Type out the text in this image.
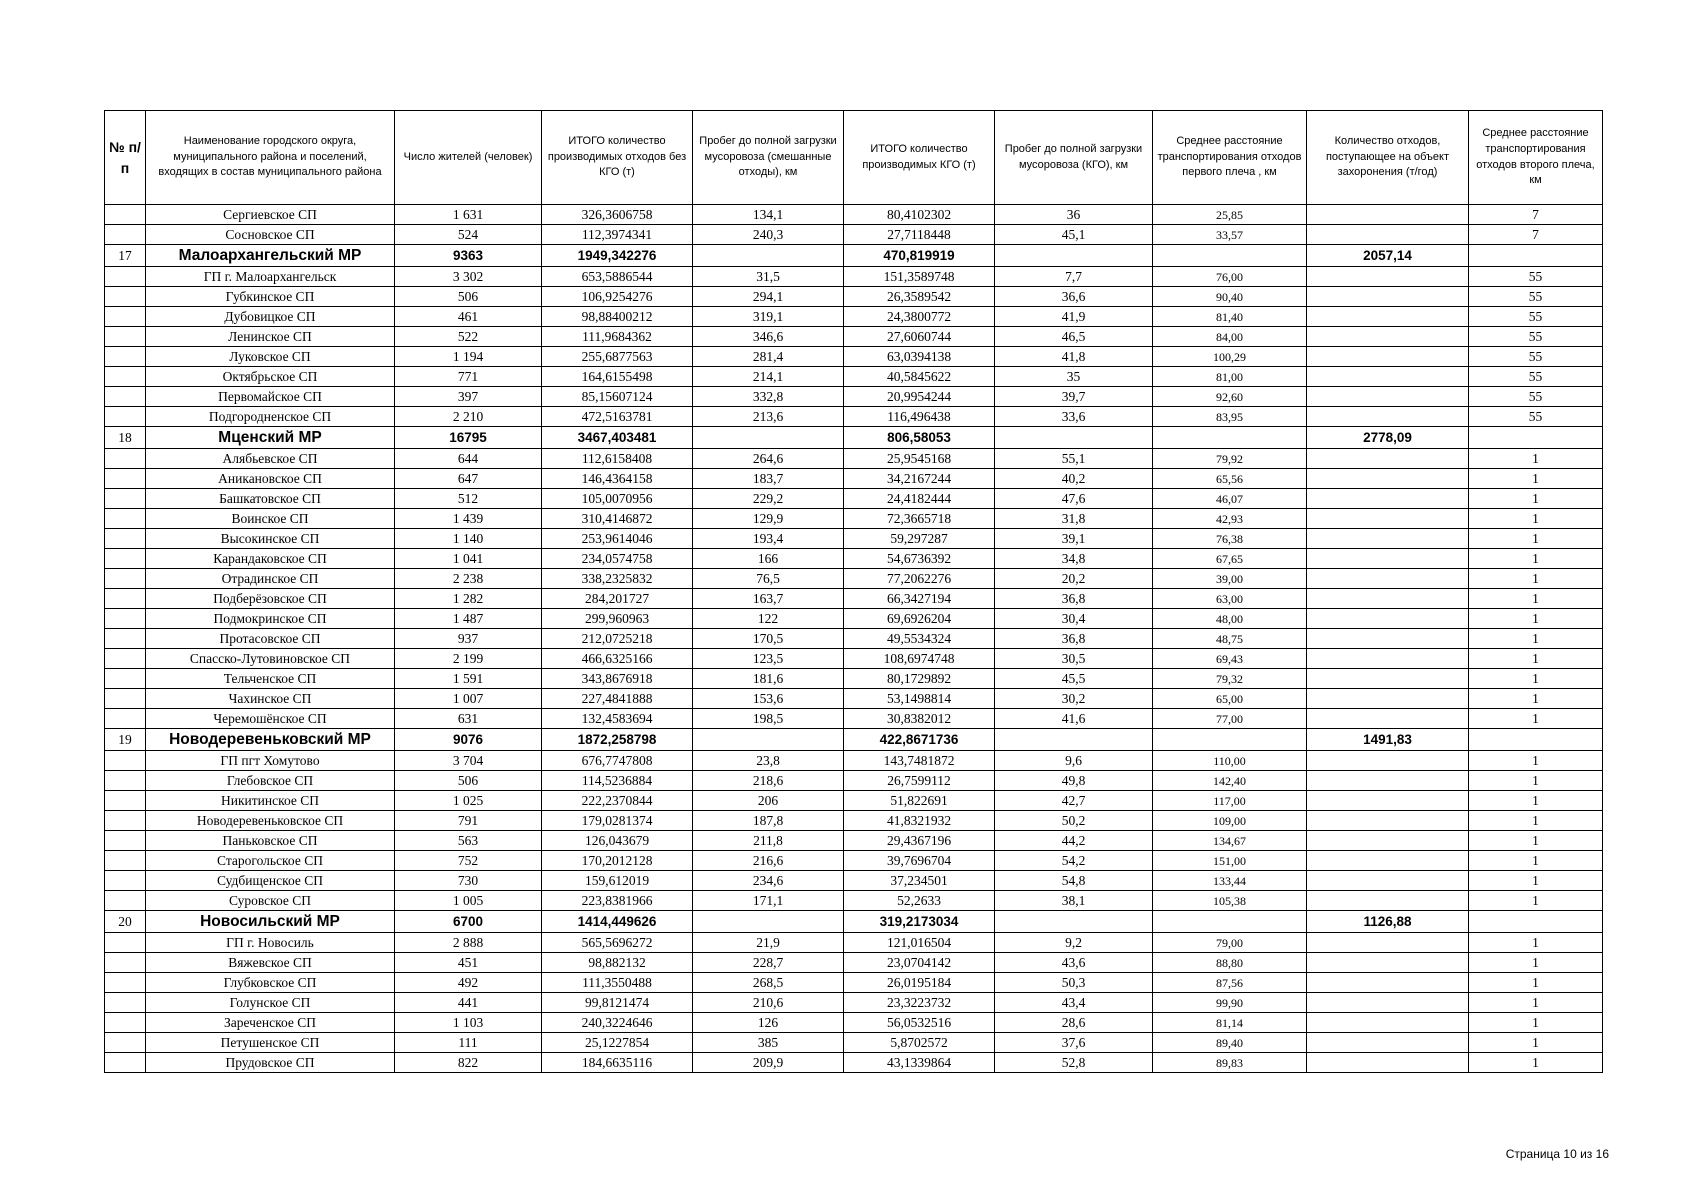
№ п/п	Наименование городского округа, муниципального района и поселений, входящих в состав муниципального района	Число жителей (человек)	ИТОГО количество производимых отходов без КГО (т)	Пробег до полной загрузки мусоровоза (смешанные отходы), км	ИТОГО количество производимых КГО (т)	Пробег до полной загрузки мусоровоза (КГО), км	Среднее расстояние транспортирования отходов первого плеча , км	Количество отходов, поступающее на объект захоронения (т/год)	Среднее расстояние транспортирования отходов второго плеча, км
	Сергиевское СП	1 631	326,3606758	134,1	80,4102302	36	25,85		7
	Сосновское СП	524	112,3974341	240,3	27,7118448	45,1	33,57		7
17	Малоархангельский МР	9363	1949,342276		470,819919			2057,14	
	ГП г. Малоархангельск	3 302	653,5886544	31,5	151,3589748	7,7	76,00		55
	Губкинское СП	506	106,9254276	294,1	26,3589542	36,6	90,40		55
	Дубовицкое СП	461	98,88400212	319,1	24,3800772	41,9	81,40		55
	Ленинское СП	522	111,9684362	346,6	27,6060744	46,5	84,00		55
	Луковское СП	1 194	255,6877563	281,4	63,0394138	41,8	100,29		55
	Октябрьское СП	771	164,6155498	214,1	40,5845622	35	81,00		55
	Первомайское СП	397	85,15607124	332,8	20,9954244	39,7	92,60		55
	Подгородненское СП	2 210	472,5163781	213,6	116,496438	33,6	83,95		55
18	Мценский МР	16795	3467,403481		806,58053			2778,09	
	Алябьевское СП	644	112,6158408	264,6	25,9545168	55,1	79,92		1
	Аникановское СП	647	146,4364158	183,7	34,2167244	40,2	65,56		1
	Башкатовское СП	512	105,0070956	229,2	24,4182444	47,6	46,07		1
	Воинское СП	1 439	310,4146872	129,9	72,3665718	31,8	42,93		1
	Высокинское СП	1 140	253,9614046	193,4	59,297287	39,1	76,38		1
	Карандаковское СП	1 041	234,0574758	166	54,6736392	34,8	67,65		1
	Отрадинское СП	2 238	338,2325832	76,5	77,2062276	20,2	39,00		1
	Подберёзовское СП	1 282	284,201727	163,7	66,3427194	36,8	63,00		1
	Подмокринское СП	1 487	299,960963	122	69,6926204	30,4	48,00		1
	Протасовское СП	937	212,0725218	170,5	49,5534324	36,8	48,75		1
	Спасско-Лутовиновское СП	2 199	466,6325166	123,5	108,6974748	30,5	69,43		1
	Тельченское СП	1 591	343,8676918	181,6	80,1729892	45,5	79,32		1
	Чахинское СП	1 007	227,4841888	153,6	53,1498814	30,2	65,00		1
	Черемошёнское СП	631	132,4583694	198,5	30,8382012	41,6	77,00		1
19	Новодеревеньковский МР	9076	1872,258798		422,8671736			1491,83	
	ГП пгт Хомутово	3 704	676,7747808	23,8	143,7481872	9,6	110,00		1
	Глебовское СП	506	114,5236884	218,6	26,7599112	49,8	142,40		1
	Никитинское СП	1 025	222,2370844	206	51,822691	42,7	117,00		1
	Новодеревеньковское СП	791	179,0281374	187,8	41,8321932	50,2	109,00		1
	Паньковское СП	563	126,043679	211,8	29,4367196	44,2	134,67		1
	Старогольское СП	752	170,2012128	216,6	39,7696704	54,2	151,00		1
	Судбищенское СП	730	159,612019	234,6	37,234501	54,8	133,44		1
	Суровское СП	1 005	223,8381966	171,1	52,2633	38,1	105,38		1
20	Новосильский МР	6700	1414,449626		319,2173034			1126,88	
	ГП г. Новосиль	2 888	565,5696272	21,9	121,016504	9,2	79,00		1
	Вяжевское СП	451	98,882132	228,7	23,0704142	43,6	88,80		1
	Глубковское СП	492	111,3550488	268,5	26,0195184	50,3	87,56		1
	Голунское СП	441	99,8121474	210,6	23,3223732	43,4	99,90		1
	Зареченское СП	1 103	240,3224646	126	56,0532516	28,6	81,14		1
	Петушенское СП	111	25,1227854	385	5,8702572	37,6	89,40		1
	Прудовское СП	822	184,6635116	209,9	43,1339864	52,8	89,83		1
Страница 10 из 16
